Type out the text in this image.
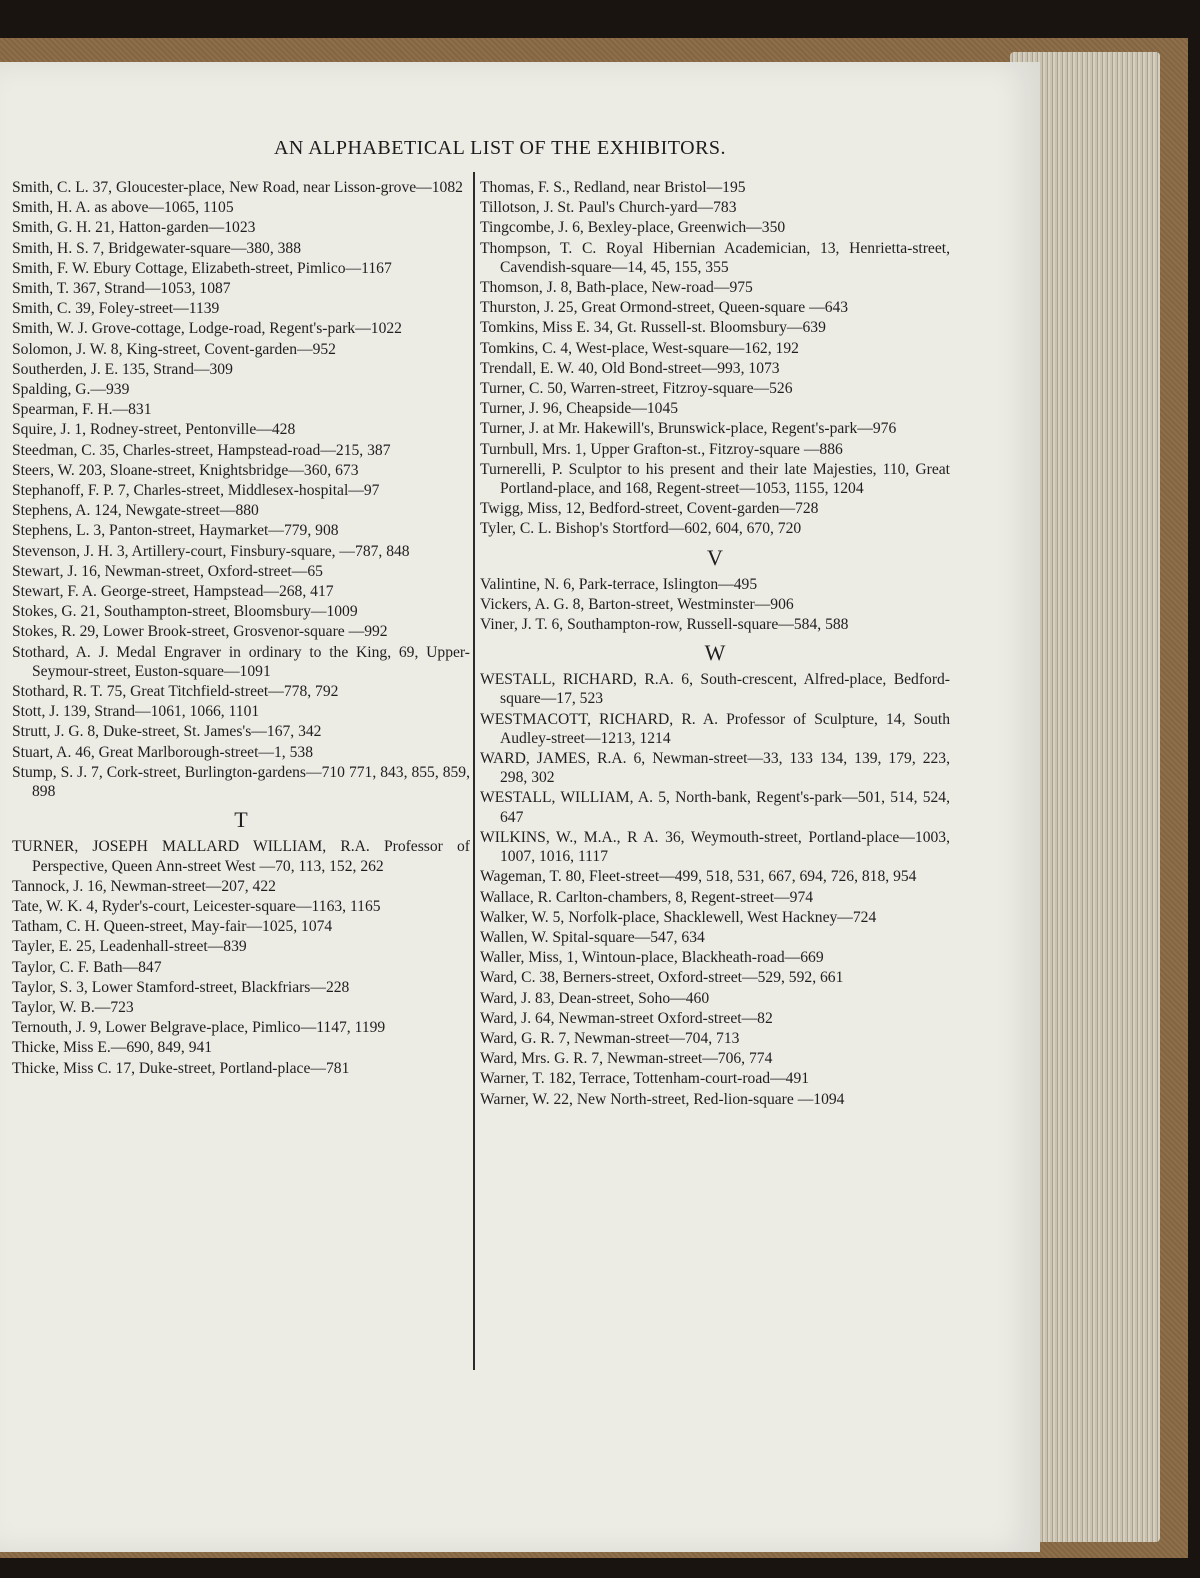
AN ALPHABETICAL LIST OF THE EXHIBITORS.
Smith, C. L. 37, Gloucester-place, New Road, near Lisson-grove—1082
Smith, H. A. as above—1065, 1105
Smith, G. H. 21, Hatton-garden—1023
Smith, H. S. 7, Bridgewater-square—380, 388
Smith, F. W. Ebury Cottage, Elizabeth-street, Pimlico—1167
Smith, T. 367, Strand—1053, 1087
Smith, C. 39, Foley-street—1139
Smith, W. J. Grove-cottage, Lodge-road, Regent's-park—1022
Solomon, J. W. 8, King-street, Covent-garden—952
Southerden, J. E. 135, Strand—309
Spalding, G.—939
Spearman, F. H.—831
Squire, J. 1, Rodney-street, Pentonville—428
Steedman, C. 35, Charles-street, Hampstead-road—215, 387
Steers, W. 203, Sloane-street, Knightsbridge—360, 673
Stephanoff, F. P. 7, Charles-street, Middlesex-hospital—97
Stephens, A. 124, Newgate-street—880
Stephens, L. 3, Panton-street, Haymarket—779, 908
Stevenson, J. H. 3, Artillery-court, Finsbury-square, —787, 848
Stewart, J. 16, Newman-street, Oxford-street—65
Stewart, F. A. George-street, Hampstead—268, 417
Stokes, G. 21, Southampton-street, Bloomsbury—1009
Stokes, R. 29, Lower Brook-street, Grosvenor-square —992
Stothard, A. J. Medal Engraver in ordinary to the King, 69, Upper-Seymour-street, Euston-square—1091
Stothard, R. T. 75, Great Titchfield-street—778, 792
Stott, J. 139, Strand—1061, 1066, 1101
Strutt, J. G. 8, Duke-street, St. James's—167, 342
Stuart, A. 46, Great Marlborough-street—1, 538
Stump, S. J. 7, Cork-street, Burlington-gardens—710 771, 843, 855, 859, 898
T
TURNER, JOSEPH MALLARD WILLIAM, R.A. Professor of Perspective, Queen Ann-street West —70, 113, 152, 262
Tannock, J. 16, Newman-street—207, 422
Tate, W. K. 4, Ryder's-court, Leicester-square—1163, 1165
Tatham, C. H. Queen-street, May-fair—1025, 1074
Tayler, E. 25, Leadenhall-street—839
Taylor, C. F. Bath—847
Taylor, S. 3, Lower Stamford-street, Blackfriars—228
Taylor, W. B.—723
Ternouth, J. 9, Lower Belgrave-place, Pimlico—1147, 1199
Thicke, Miss E.—690, 849, 941
Thicke, Miss C. 17, Duke-street, Portland-place—781
Thomas, F. S., Redland, near Bristol—195
Tillotson, J. St. Paul's Church-yard—783
Tingcombe, J. 6, Bexley-place, Greenwich—350
Thompson, T. C. Royal Hibernian Academician, 13, Henrietta-street, Cavendish-square—14, 45, 155, 355
Thomson, J. 8, Bath-place, New-road—975
Thurston, J. 25, Great Ormond-street, Queen-square —643
Tomkins, Miss E. 34, Gt. Russell-st. Bloomsbury—639
Tomkins, C. 4, West-place, West-square—162, 192
Trendall, E. W. 40, Old Bond-street—993, 1073
Turner, C. 50, Warren-street, Fitzroy-square—526
Turner, J. 96, Cheapside—1045
Turner, J. at Mr. Hakewill's, Brunswick-place, Regent's-park—976
Turnbull, Mrs. 1, Upper Grafton-st., Fitzroy-square —886
Turnerelli, P. Sculptor to his present and their late Majesties, 110, Great Portland-place, and 168, Regent-street—1053, 1155, 1204
Twigg, Miss, 12, Bedford-street, Covent-garden—728
Tyler, C. L. Bishop's Stortford—602, 604, 670, 720
V
Valintine, N. 6, Park-terrace, Islington—495
Vickers, A. G. 8, Barton-street, Westminster—906
Viner, J. T. 6, Southampton-row, Russell-square—584, 588
W
WESTALL, RICHARD, R.A. 6, South-crescent, Alfred-place, Bedford-square—17, 523
WESTMACOTT, RICHARD, R. A. Professor of Sculpture, 14, South Audley-street—1213, 1214
WARD, JAMES, R.A. 6, Newman-street—33, 133 134, 139, 179, 223, 298, 302
WESTALL, WILLIAM, A. 5, North-bank, Regent's-park—501, 514, 524, 647
WILKINS, W., M.A., R A. 36, Weymouth-street, Portland-place—1003, 1007, 1016, 1117
Wageman, T. 80, Fleet-street—499, 518, 531, 667, 694, 726, 818, 954
Wallace, R. Carlton-chambers, 8, Regent-street—974
Walker, W. 5, Norfolk-place, Shacklewell, West Hackney—724
Wallen, W. Spital-square—547, 634
Waller, Miss, 1, Wintoun-place, Blackheath-road—669
Ward, C. 38, Berners-street, Oxford-street—529, 592, 661
Ward, J. 83, Dean-street, Soho—460
Ward, J. 64, Newman-street Oxford-street—82
Ward, G. R. 7, Newman-street—704, 713
Ward, Mrs. G. R. 7, Newman-street—706, 774
Warner, T. 182, Terrace, Tottenham-court-road—491
Warner, W. 22, New North-street, Red-lion-square —1094
